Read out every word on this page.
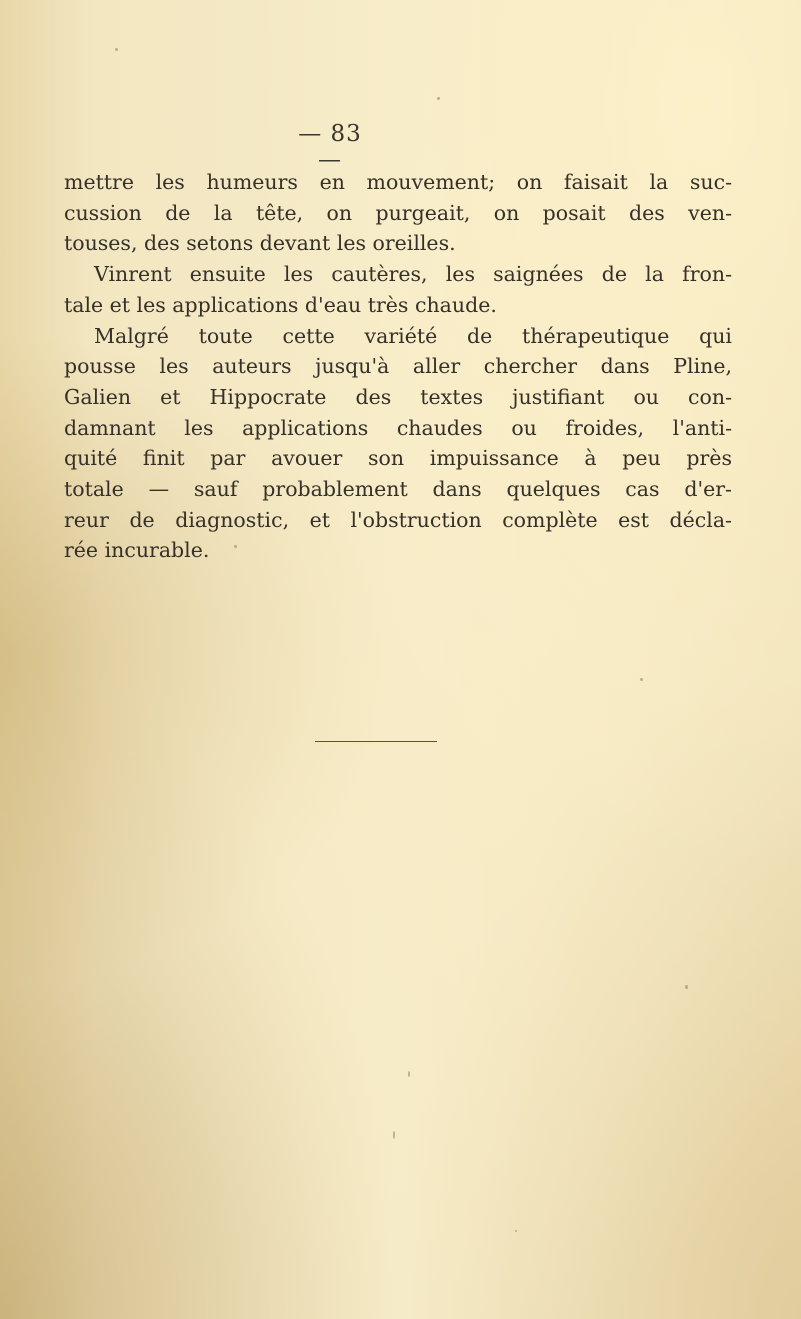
— 83 —
mettre les humeurs en mouvement; on faisait la suc-
cussion de la tête, on purgeait, on posait des ven-
touses, des setons devant les oreilles.
Vinrent ensuite les cautères, les saignées de la fron-
tale et les applications d'eau très chaude.
Malgré toute cette variété de thérapeutique qui
pousse les auteurs jusqu'à aller chercher dans Pline,
Galien et Hippocrate des textes justifiant ou con-
damnant les applications chaudes ou froides, l'anti-
quité finit par avouer son impuissance à peu près
totale — sauf probablement dans quelques cas d'er-
reur de diagnostic, et l'obstruction complète est décla-
rée incurable.
